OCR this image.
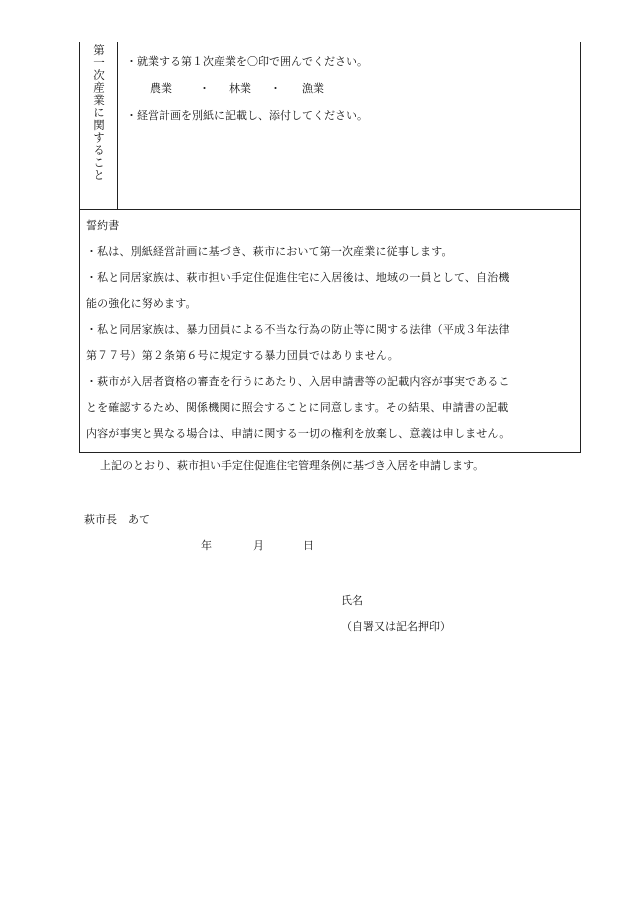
第一次産業に関すること ・就業する第１次産業を〇印で囲んでください。
農業 ・ 林業 ・ 漁業
・経営計画を別紙に記載し、添付してください。
誓約書
・私は、別紙経営計画に基づき、萩市において第一次産業に従事します。
・私と同居家族は、萩市担い手定住促進住宅に入居後は、地域の一員として、自治機
能の強化に努めます。
・私と同居家族は、暴力団員による不当な行為の防止等に関する法律（平成３年法律
第７７号）第２条第６号に規定する暴力団員ではありません。
・萩市が入居者資格の審査を行うにあたり、入居申請書等の記載内容が事実であるこ
とを確認するため、関係機関に照会することに同意します。その結果、申請書の記載
内容が事実と異なる場合は、申請に関する一切の権利を放棄し、意義は申しません。
上記のとおり、萩市担い手定住促進住宅管理条例に基づき入居を申請します。
萩市長　あて
年	月	日
氏名
（自署又は記名押印）
